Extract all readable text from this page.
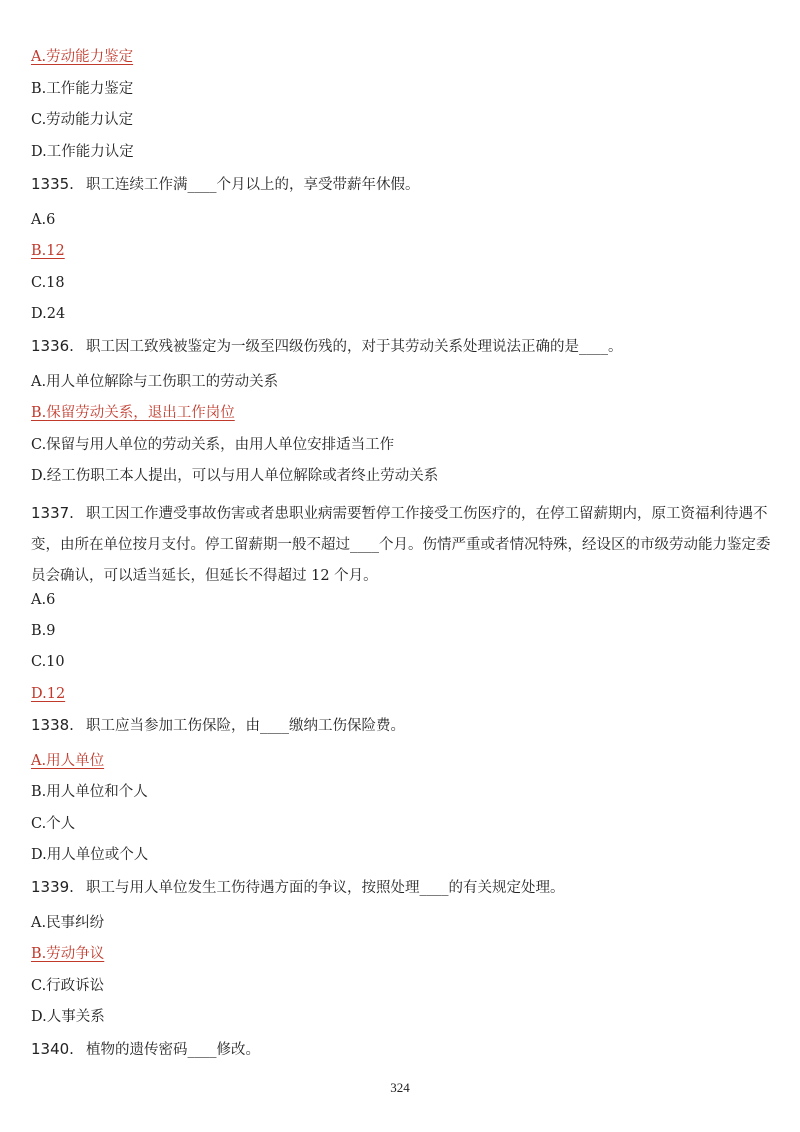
A.劳动能力鉴定
B.工作能力鉴定
C.劳动能力认定
D.工作能力认定
1335. 职工连续工作满____个月以上的，享受带薪年休假。
A.6
B.12
C.18
D.24
1336. 职工因工致残被鉴定为一级至四级伤残的，对于其劳动关系处理说法正确的是____。
A.用人单位解除与工伤职工的劳动关系
B.保留劳动关系，退出工作岗位
C.保留与用人单位的劳动关系，由用人单位安排适当工作
D.经工伤职工本人提出，可以与用人单位解除或者终止劳动关系
1337. 职工因工作遭受事故伤害或者患职业病需要暂停工作接受工伤医疗的，在停工留薪期内，原工资福利待遇不变，由所在单位按月支付。停工留薪期一般不超过____个月。伤情严重或者情况特殊，经设区的市级劳动能力鉴定委员会确认，可以适当延长，但延长不得超过 12 个月。
A.6
B.9
C.10
D.12
1338. 职工应当参加工伤保险，由____缴纳工伤保险费。
A.用人单位
B.用人单位和个人
C.个人
D.用人单位或个人
1339. 职工与用人单位发生工伤待遇方面的争议，按照处理____的有关规定处理。
A.民事纠纷
B.劳动争议
C.行政诉讼
D.人事关系
1340. 植物的遗传密码____修改。
324
